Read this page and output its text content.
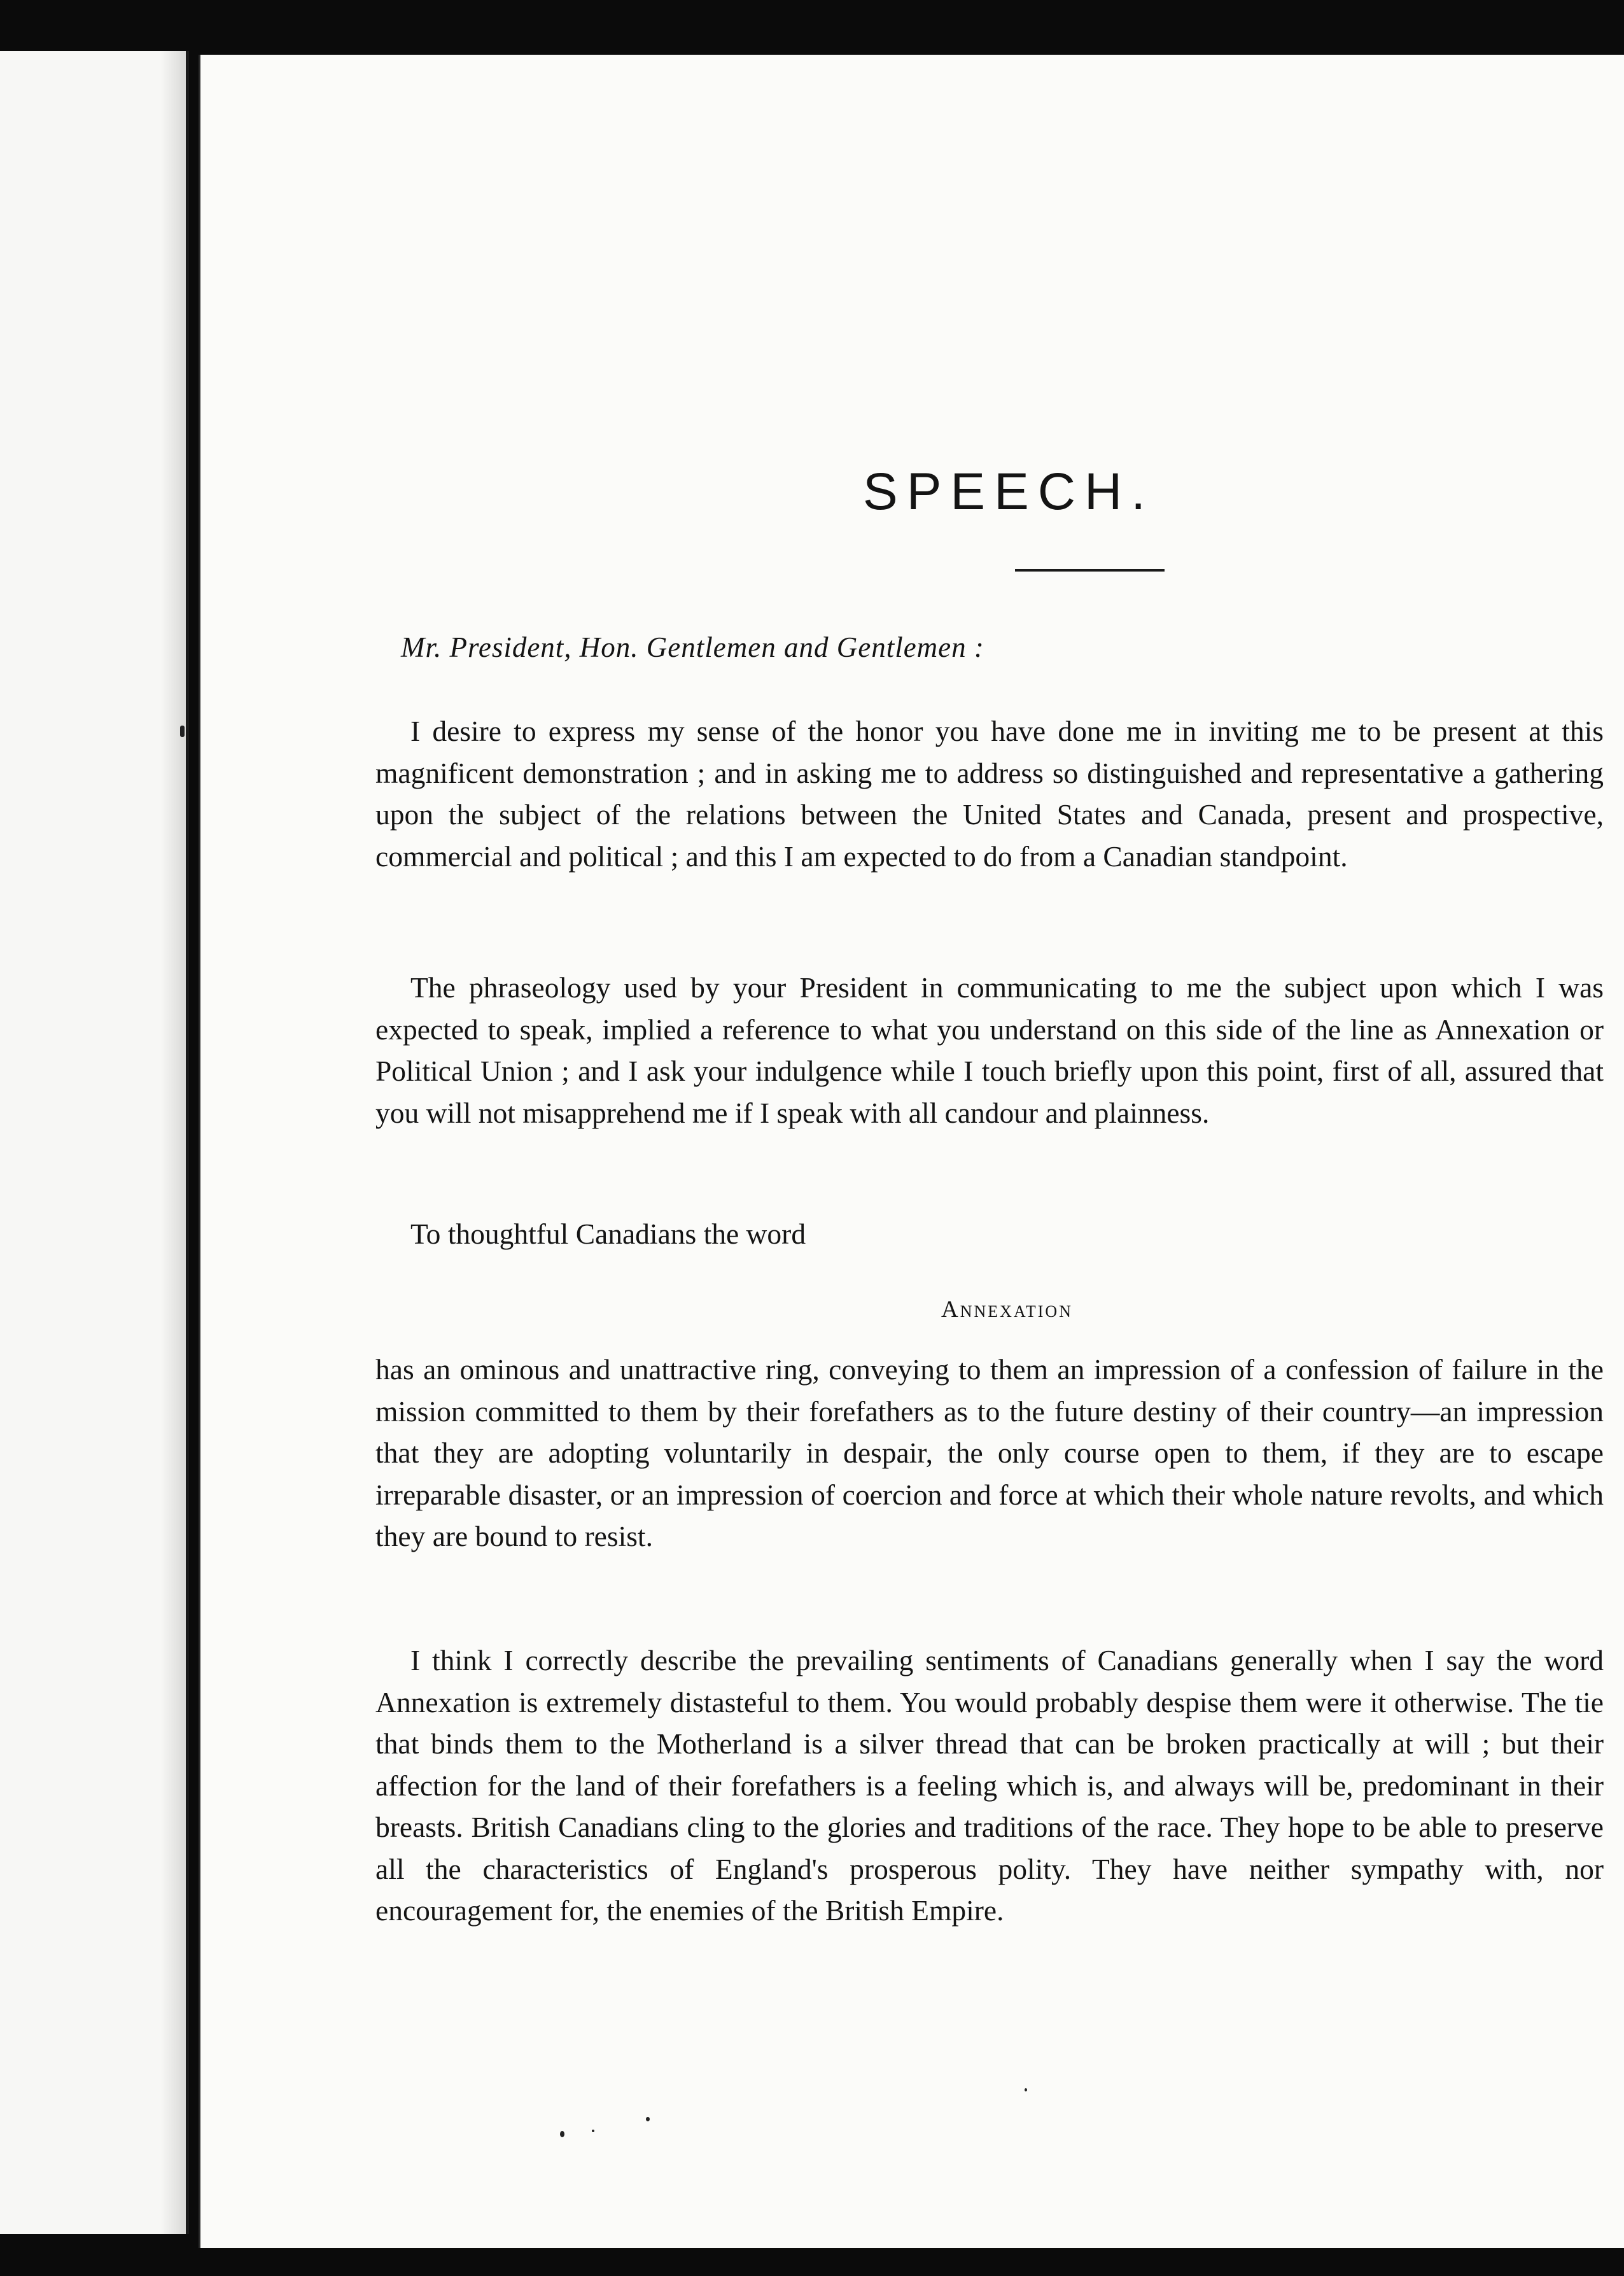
SPEECH.
Mr. President, Hon. Gentlemen and Gentlemen :

I desire to express my sense of the honor you have done me in inviting me to be present at this magnificent demonstration ; and in asking me to address so distinguished and representative a gathering upon the subject of the relations between the United States and Canada, present and prospective, commercial and political ; and this I am expected to do from a Canadian standpoint.

The phraseology used by your President in communicating to me the subject upon which I was expected to speak, implied a reference to what you understand on this side of the line as Annexation or Political Union ; and I ask your indulgence while I touch briefly upon this point, first of all, assured that you will not misapprehend me if I speak with all candour and plainness.

To thoughtful Canadians the word

Annexation

has an ominous and unattractive ring, conveying to them an impression of a confession of failure in the mission committed to them by their forefathers as to the future destiny of their country—an impression that they are adopting voluntarily in despair, the only course open to them, if they are to escape irreparable disaster, or an impression of coercion and force at which their whole nature revolts, and which they are bound to resist.

I think I correctly describe the prevailing sentiments of Canadians generally when I say the word Annexation is extremely distasteful to them. You would probably despise them were it otherwise. The tie that binds them to the Motherland is a silver thread that can be broken practically at will ; but their affection for the land of their forefathers is a feeling which is, and always will be, predominant in their breasts. British Canadians cling to the glories and traditions of the race. They hope to be able to preserve all the characteristics of England's prosperous polity. They have neither sympathy with, nor encouragement for, the enemies of the British Empire.
